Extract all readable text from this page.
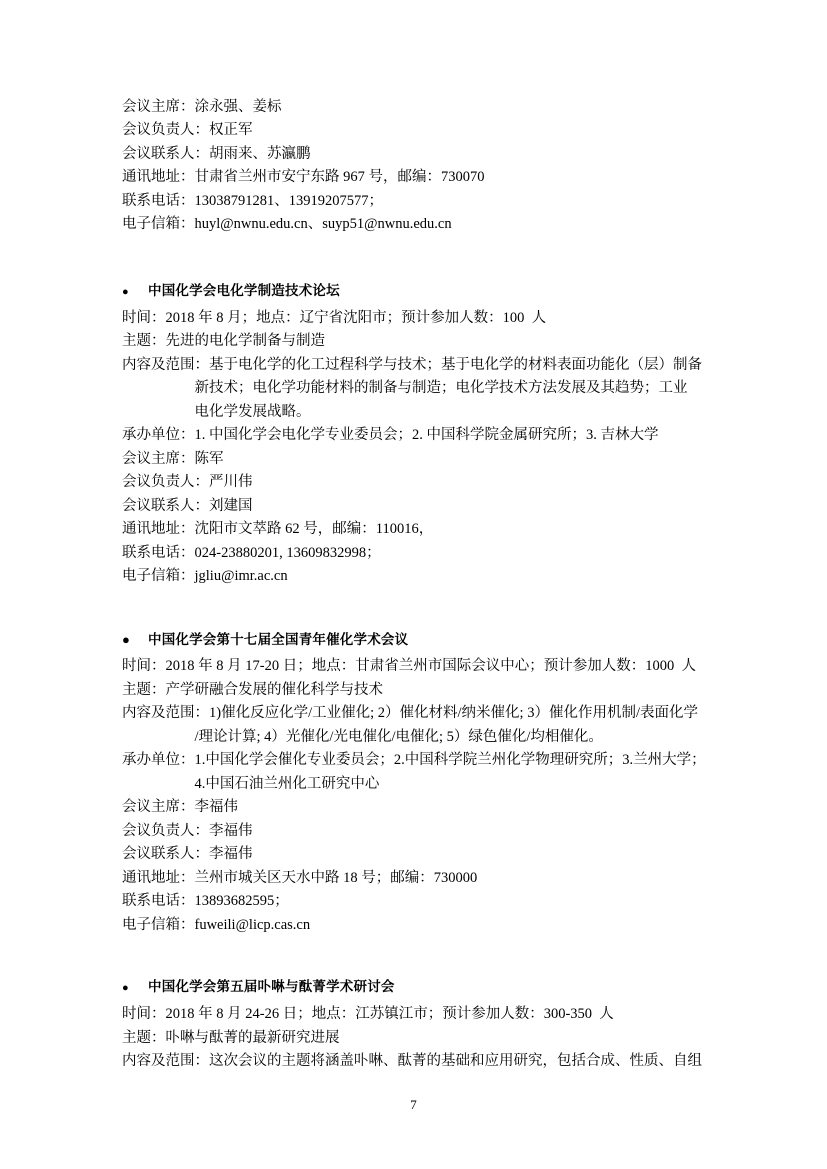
会议主席：涂永强、姜标
会议负责人：权正军
会议联系人：胡雨来、苏瀛鹏
通讯地址：甘肃省兰州市安宁东路 967 号，邮编：730070
联系电话：13038791281、13919207577；
电子信箱：huyl@nwnu.edu.cn、suyp51@nwnu.edu.cn
●	中国化学会电化学制造技术论坛
时间：2018 年 8 月；地点：辽宁省沈阳市；预计参加人数：100  人
主题：先进的电化学制备与制造
内容及范围：基于电化学的化工过程科学与技术；基于电化学的材料表面功能化（层）制备
新技术；电化学功能材料的制备与制造；电化学技术方法发展及其趋势；工业
电化学发展战略。
承办单位：1. 中国化学会电化学专业委员会；2. 中国科学院金属研究所；3. 吉林大学
会议主席：陈军
会议负责人：严川伟
会议联系人：刘建国
通讯地址：沈阳市文萃路 62 号，邮编：110016，
联系电话：024-23880201, 13609832998；
电子信箱：jgliu@imr.ac.cn
●	中国化学会第十七届全国青年催化学术会议
时间：2018 年 8 月 17-20 日；地点：甘肃省兰州市国际会议中心；预计参加人数：1000  人
主题：产学研融合发展的催化科学与技术
内容及范围：1)催化反应化学/工业催化; 2）催化材料/纳米催化; 3）催化作用机制/表面化学
/理论计算; 4）光催化/光电催化/电催化; 5）绿色催化/均相催化。
承办单位：1.中国化学会催化专业委员会；2.中国科学院兰州化学物理研究所；3.兰州大学；
4.中国石油兰州化工研究中心
会议主席：李福伟
会议负责人：李福伟
会议联系人：李福伟
通讯地址：兰州市城关区天水中路 18 号；邮编：730000
联系电话：13893682595；
电子信箱：fuweili@licp.cas.cn
●	中国化学会第五届卟啉与酞菁学术研讨会
时间：2018 年 8 月 24-26 日；地点：江苏镇江市；预计参加人数：300-350  人
主题：卟啉与酞菁的最新研究进展
内容及范围：这次会议的主题将涵盖卟啉、酞菁的基础和应用研究，包括合成、性质、自组
7
